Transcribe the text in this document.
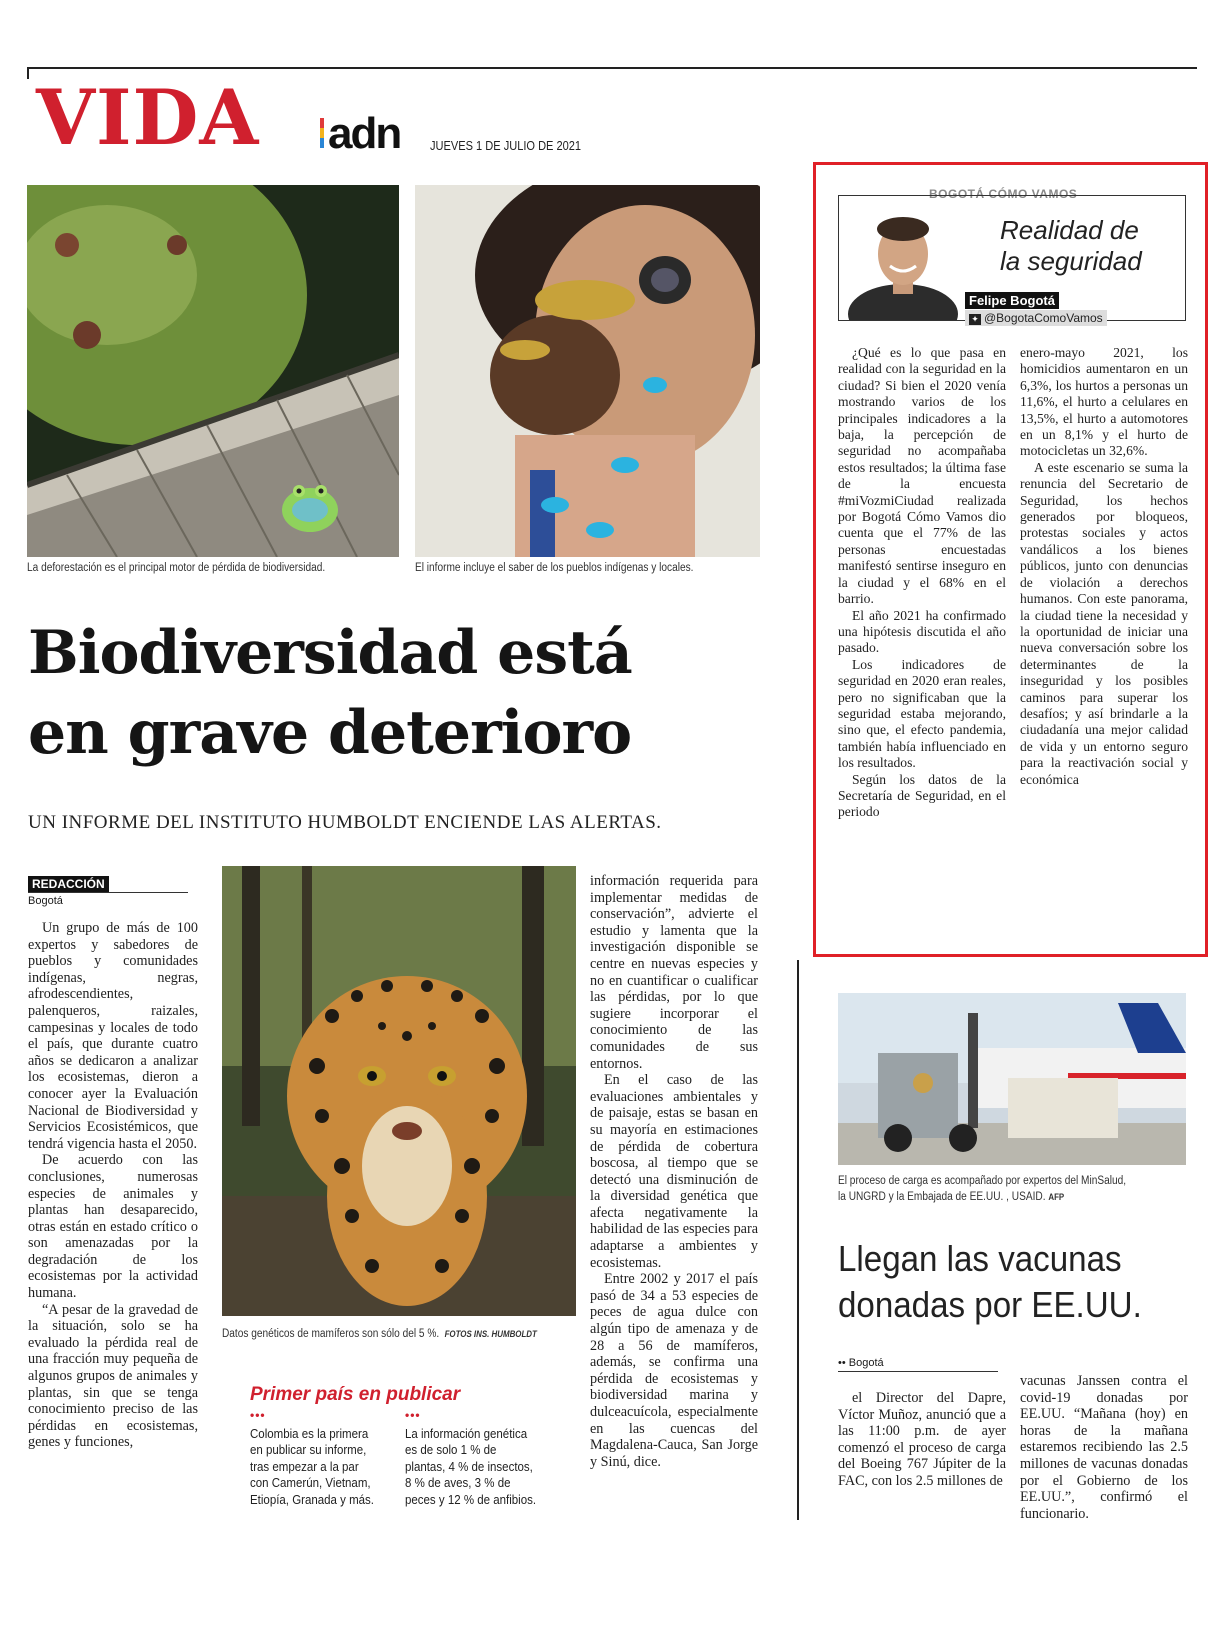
VIDA adn JUEVES 1 DE JULIO DE 2021
La deforestación es el principal motor de pérdida de biodiversidad.	El informe incluye el saber de los pueblos indígenas y locales.
Biodiversidad está
en grave deterioro
UN INFORME DEL INSTITUTO HUMBOLDT ENCIENDE LAS ALERTAS.
REDACCIÓN
Bogotá

Un grupo de más de 100 expertos y sabedores de pueblos y comunidades indígenas, negras, afrodescendientes, palenqueros, raizales, campesinas y locales de todo el país, que durante cuatro años se dedicaron a analizar los ecosistemas, dieron a conocer ayer la Evaluación Nacional de Biodiversidad y Servicios Ecosistémicos, que tendrá vigencia hasta el 2050.

De acuerdo con las conclusiones, numerosas especies de animales y plantas han desaparecido, otras están en estado crítico o son amenazadas por la degradación de los ecosistemas por la actividad humana.

“A pesar de la gravedad de la situación, solo se ha evaluado la pérdida real de una fracción muy pequeña de algunos grupos de animales y plantas, sin que se tenga conocimiento preciso de las pérdidas en ecosistemas, genes y funciones,

Datos genéticos de mamíferos son sólo del 5 %. FOTOS INS. HUMBOLDT
Primer país en publicar
•••	•••
Colombia es la primera en publicar su informe, tras empezar a la par con Camerún, Vietnam, Etiopía, Granada y más.
La información genética es de solo 1 % de plantas, 4 % de insectos, 8 % de aves, 3 % de peces y 12 % de anfibios.

información requerida para implementar medidas de conservación”, advierte el estudio y lamenta que la investigación disponible se centre en nuevas especies y no en cuantificar o cualificar las pérdidas, por lo que sugiere incorporar el conocimiento de las comunidades de sus entornos.

En el caso de las evaluaciones ambientales y de paisaje, estas se basan en su mayoría en estimaciones de pérdida de cobertura boscosa, al tiempo que se detectó una disminución de la diversidad genética que afecta negativamente la habilidad de las especies para adaptarse a ambientes y ecosistemas.

Entre 2002 y 2017 el país pasó de 34 a 53 especies de peces de agua dulce con algún tipo de amenaza y de 28 a 56 de mamíferos, además, se confirma una pérdida de ecosistemas y biodiversidad marina y dulceacuícola, especialmente en las cuencas del Magdalena-Cauca, San Jorge y Sinú, dice.

BOGOTÁ CÓMO VAMOS
Realidad de
la seguridad
Felipe Bogotá
✦ @BogotaComoVamos

¿Qué es lo que pasa en realidad con la seguridad en la ciudad? Si bien el 2020 venía mostrando varios de los principales indicadores a la baja, la percepción de seguridad no acompañaba estos resultados; la última fase de la encuesta #miVozmiCiudad realizada por Bogotá Cómo Vamos dio cuenta que el 77% de las personas encuestadas manifestó sentirse inseguro en la ciudad y el 68% en el barrio.

El año 2021 ha confirmado una hipótesis discutida el año pasado.

Los indicadores de seguridad en 2020 eran reales, pero no significaban que la seguridad estaba mejorando, sino que, el efecto pandemia, también había influenciado en los resultados.

Según los datos de la Secretaría de Seguridad, en el periodo

enero-mayo 2021, los homicidios aumentaron en un 6,3%, los hurtos a personas un 11,6%, el hurto a celulares en 13,5%, el hurto a automotores en un 8,1% y el hurto de motocicletas un 32,6%.

A este escenario se suma la renuncia del Secretario de Seguridad, los hechos generados por bloqueos, protestas sociales y actos vandálicos a los bienes públicos, junto con denuncias de violación a derechos humanos. Con este panorama, la ciudad tiene la necesidad y la oportunidad de iniciar una nueva conversación sobre los determinantes de la inseguridad y los posibles caminos para superar los desafíos; y así brindarle a la ciudadanía una mejor calidad de vida y un entorno seguro para la reactivación social y económica

El proceso de carga es acompañado por expertos del MinSalud,
la UNGRD y la Embajada de EE.UU. , USAID. AFP
Llegan las vacunas
donadas por EE.UU.
•• Bogotá

el Director del Dapre, Víctor Muñoz, anunció que a las 11:00 p.m. de ayer comenzó el proceso de carga del Boeing 767 Júpiter de la FAC, con los 2.5 millones de

vacunas Janssen contra el covid-19 donadas por EE.UU. “Mañana (hoy) en horas de la mañana estaremos recibiendo las 2.5 millones de vacunas donadas por el Gobierno de los EE.UU.”, confirmó el funcionario.
